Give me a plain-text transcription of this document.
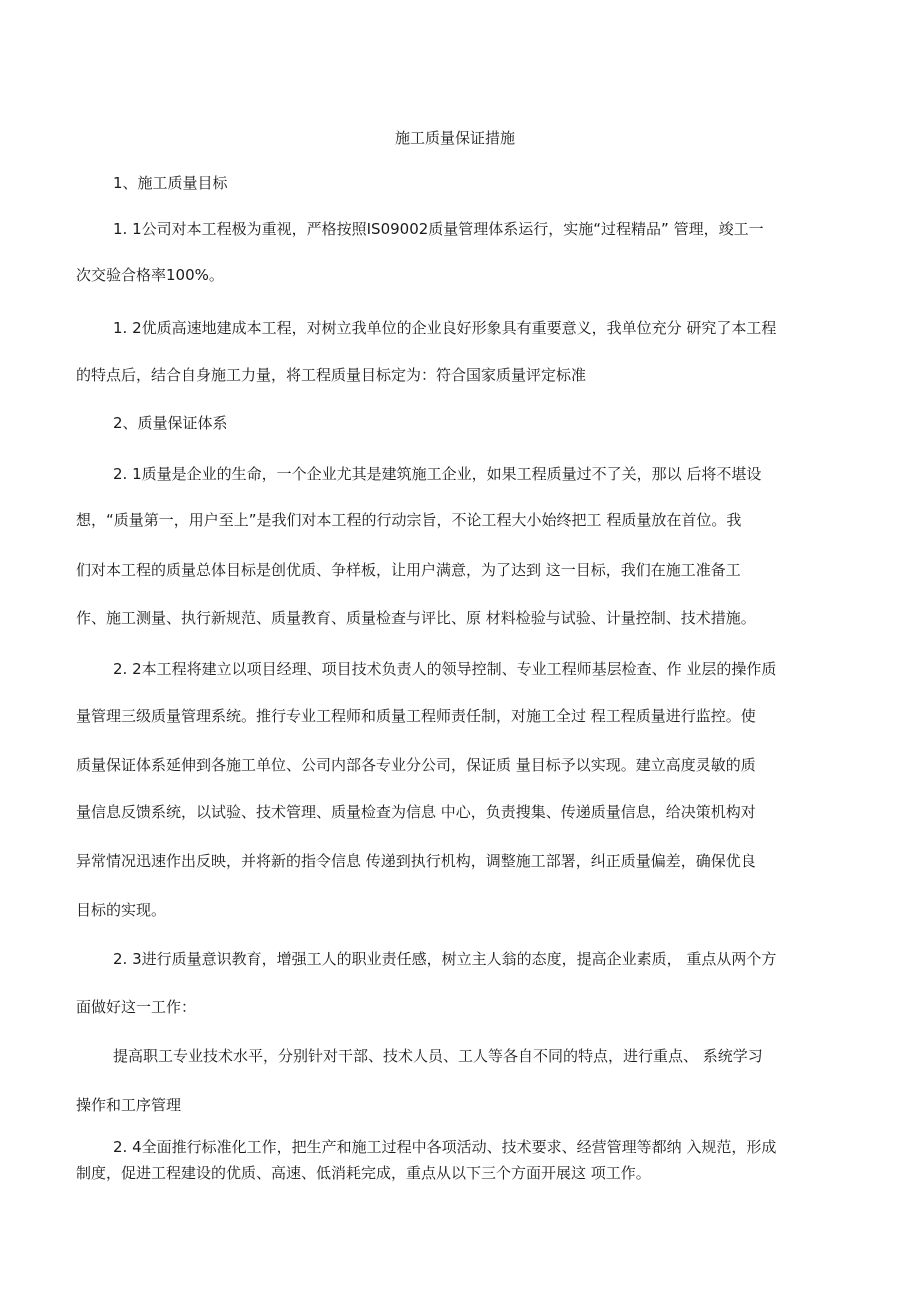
施工质量保证措施
1、施工质量目标
1. 1公司对本工程极为重视，严格按照IS09002质量管理体系运行，实施“过程精品” 管理，竣工一
次交验合格率100%。
1. 2优质高速地建成本工程，对树立我单位的企业良好形象具有重要意义，我单位充分 研究了本工程
的特点后，结合自身施工力量，将工程质量目标定为：符合国家质量评定标准
2、质量保证体系
2. 1质量是企业的生命，一个企业尤其是建筑施工企业，如果工程质量过不了关，那以 后将不堪设
想，“质量第一，用户至上”是我们对本工程的行动宗旨，不论工程大小始终把工 程质量放在首位。我
们对本工程的质量总体目标是创优质、争样板，让用户满意，为了达到 这一目标，我们在施工准备工
作、施工测量、执行新规范、质量教育、质量检查与评比、原 材料检验与试验、计量控制、技术措施。
2. 2本工程将建立以项目经理、项目技术负责人的领导控制、专业工程师基层检查、作 业层的操作质
量管理三级质量管理系统。推行专业工程师和质量工程师责任制，对施工全过 程工程质量进行监控。使
质量保证体系延伸到各施工单位、公司内部各专业分公司，保证质 量目标予以实现。建立高度灵敏的质
量信息反馈系统，以试验、技术管理、质量检查为信息 中心，负责搜集、传递质量信息，给决策机构对
异常情况迅速作出反映，并将新的指令信息 传递到执行机构，调整施工部署，纠正质量偏差，确保优良
目标的实现。
2. 3进行质量意识教育，增强工人的职业责任感，树立主人翁的态度，提高企业素质， 重点从两个方
面做好这一工作：
提高职工专业技术水平，分别针对干部、技术人员、工人等各自不同的特点，进行重点、 系统学习
操作和工序管理
2. 4全面推行标准化工作，把生产和施工过程中各项活动、技术要求、经营管理等都纳 入规范，形成
制度，促进工程建设的优质、高速、低消耗完成，重点从以下三个方面开展这 项工作。
